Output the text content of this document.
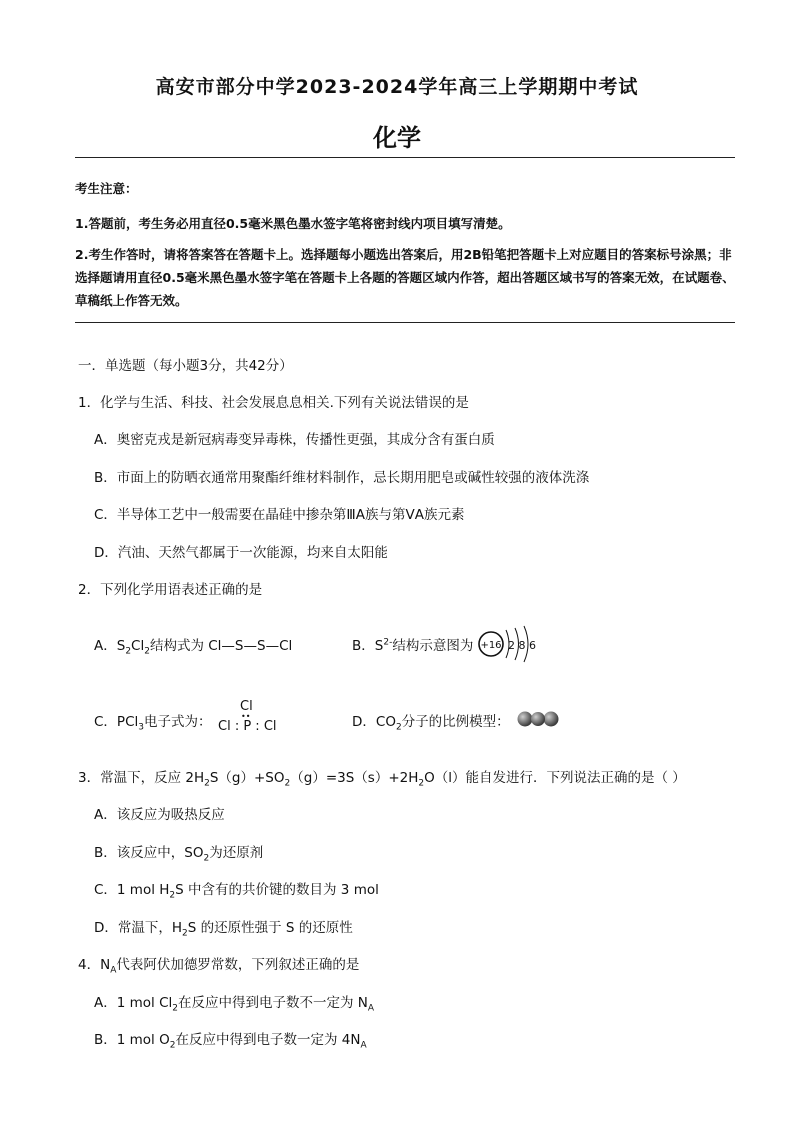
高安市部分中学2023-2024学年高三上学期期中考试
化学
考生注意：
1.答题前，考生务必用直径0.5毫米黑色墨水签字笔将密封线内项目填写清楚。
2.考生作答时，请将答案答在答题卡上。选择题每小题选出答案后，用2B铅笔把答题卡上对应题目的答案标号涂黑；非选择题请用直径0.5毫米黑色墨水签字笔在答题卡上各题的答题区域内作答，超出答题区域书写的答案无效，在试题卷、草稿纸上作答无效。
一．单选题（每小题3分，共42分）
1．化学与生活、科技、社会发展息息相关.下列有关说法错误的是
A．奥密克戎是新冠病毒变异毒株，传播性更强，其成分含有蛋白质
B．市面上的防晒衣通常用聚酯纤维材料制作，忌长期用肥皂或碱性较强的液体洗涤
C．半导体工艺中一般需要在晶硅中掺杂第ⅢA族与第ⅤA族元素
D．汽油、天然气都属于一次能源，均来自太阳能
2．下列化学用语表述正确的是
A．$S_2Cl_2$结构式为 Cl—S—S—Cl	B．$S^{2-}$结构示意图为 +16 2 8 6
C．PCl$_3$电子式为：
Cl
••
Cl : P : Cl	D．$CO_2$分子的比例模型：
3．常温下，反应 $2H_2S(g)+SO_2(g)=3S(s)+2H_2O(l)$能自发进行．下列说法正确的是（ ）
A．该反应为吸热反应
B．该反应中，$SO_2$为还原剂
C．1 mol $H_2S$ 中含有的共价键的数目为 3 mol
D．常温下，$H_2S$ 的还原性强于 S 的还原性
4．$N_A$代表阿伏加德罗常数，下列叙述正确的是
A．1 mol $Cl_2$在反应中得到电子数不一定为 $N_A$
B．1 mol $O_2$在反应中得到电子数一定为 $4N_A$
